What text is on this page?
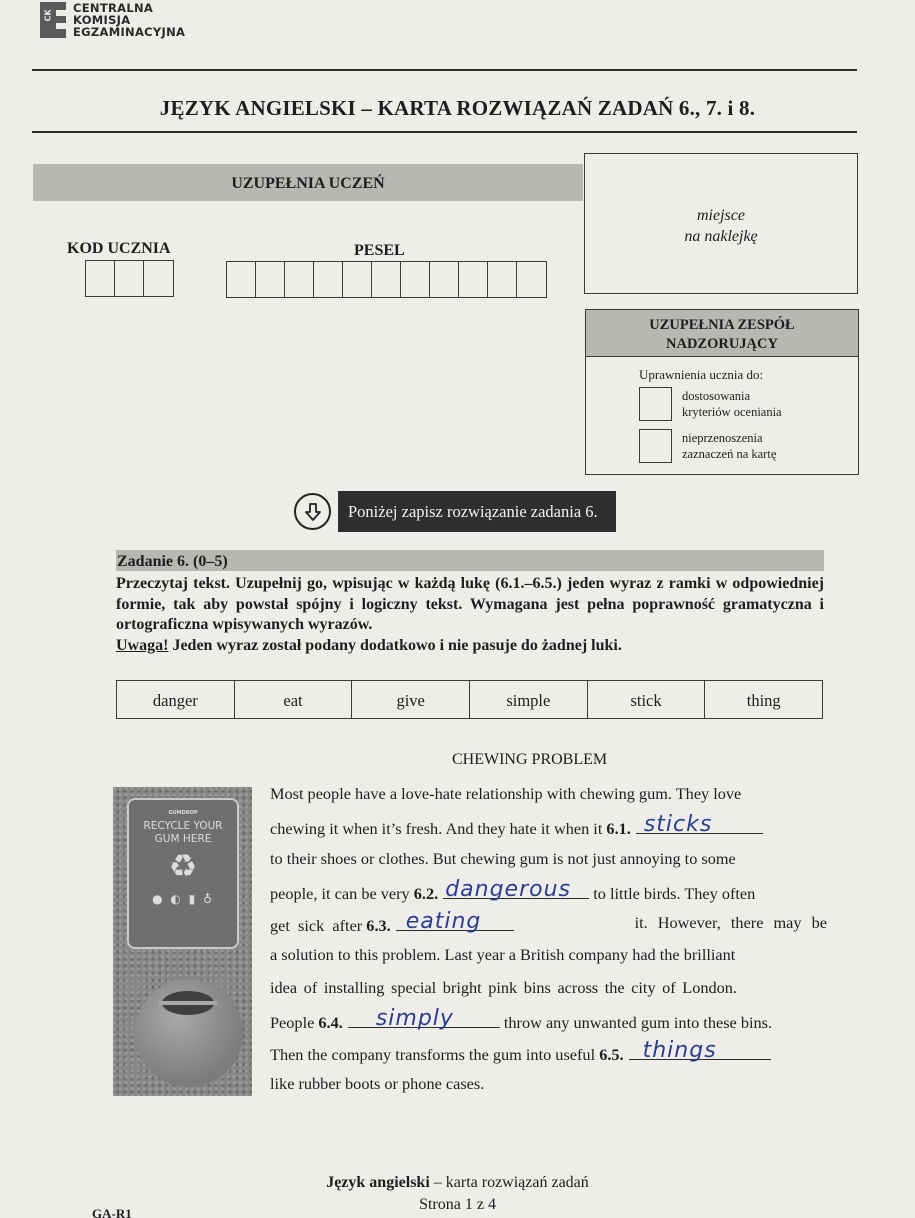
CK
CENTRALNA
KOMISJA
EGZAMINACYJNA
JĘZYK ANGIELSKI – KARTA ROZWIĄZAŃ ZADAŃ 6., 7. i 8.
UZUPEŁNIA UCZEŃ
KOD UCZNIA	PESEL
miejsce
na naklejkę
UZUPEŁNIA ZESPÓŁ
NADZORUJĄCY
Uprawnienia ucznia do:
dostosowania
kryteriów oceniania
nieprzenoszenia
zaznaczeń na kartę
Poniżej zapisz rozwiązanie zadania 6.
Zadanie 6. (0–5)
Przeczytaj tekst. Uzupełnij go, wpisując w każdą lukę (6.1.–6.5.) jeden wyraz z ramki w odpowiedniej formie, tak aby powstał spójny i logiczny tekst. Wymagana jest pełna poprawność gramatyczna i ortograficzna wpisywanych wyrazów.
Uwaga! Jeden wyraz został podany dodatkowo i nie pasuje do żadnej luki.
danger	eat	give	simple	stick	thing
CHEWING PROBLEM
GUMDROP
RECYCLE YOUR
GUM HERE
♻
● ◐ ▮ ♁
Most people have a love-hate relationship with chewing gum. They love
chewing it when it’s fresh. And they hate it when it 6.1. sticks
to their shoes or clothes. But chewing gum is not just annoying to some
people, it can be very 6.2. dangerous to little birds. They often
get  sick  after 6.3. eating	it. However, there may be
a solution to this problem. Last year a British company had the brilliant
idea of installing special bright pink bins across the city of London.
People 6.4. simply	throw any unwanted gum into these bins.
Then the company transforms the gum into useful 6.5. things
like rubber boots or phone cases.
Język angielski – karta rozwiązań zadań
Strona 1 z 4
GA-R1
